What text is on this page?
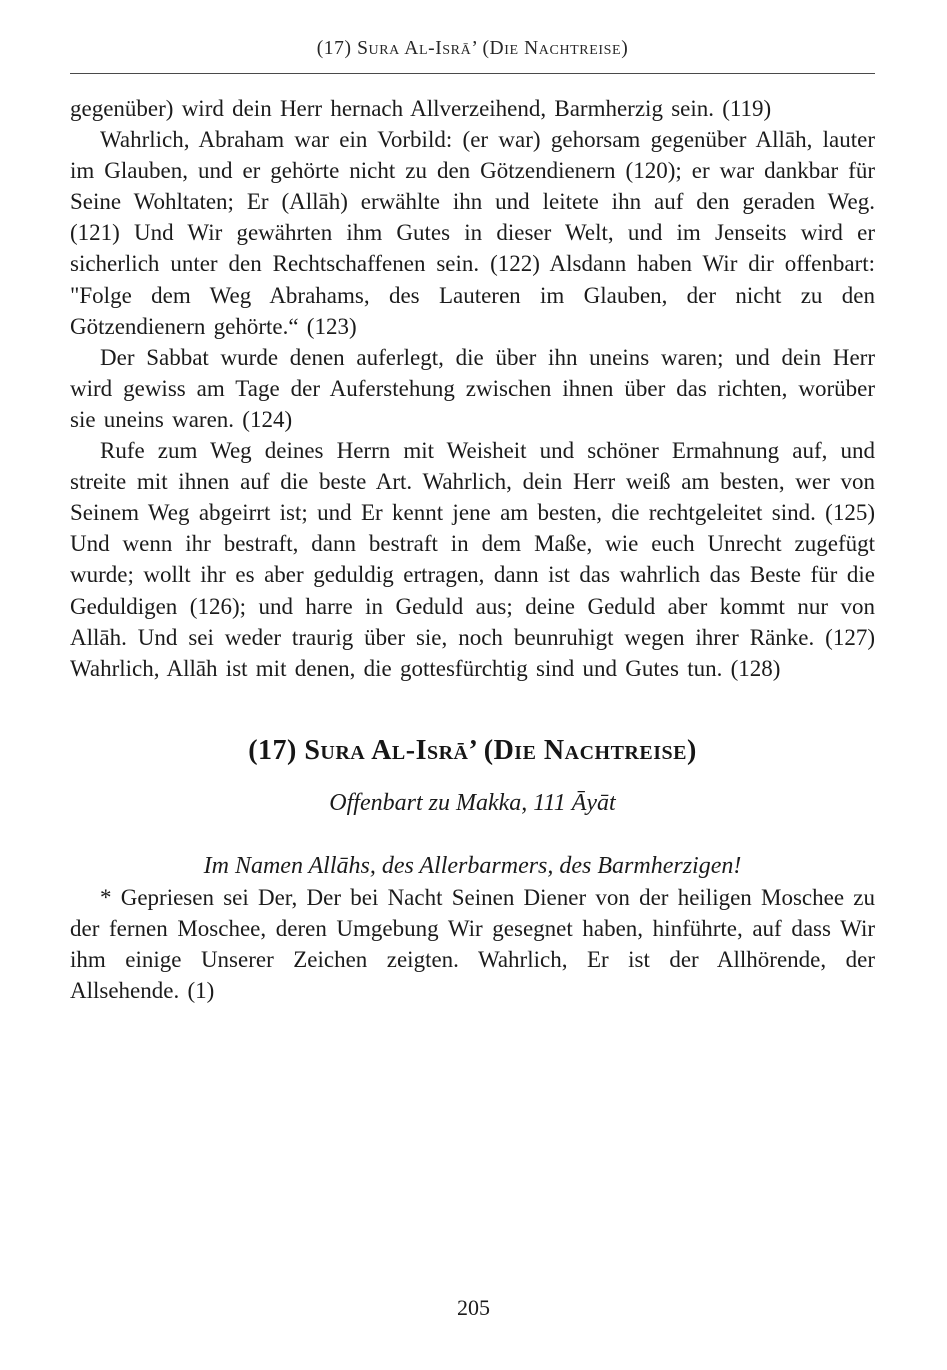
(17) Sura Al-Isrā’ (Die Nachtreise)

gegenüber) wird dein Herr hernach Allverzeihend, Barmherzig sein. (119)

Wahrlich, Abraham war ein Vorbild: (er war) gehorsam gegenüber Allāh, lauter im Glauben, und er gehörte nicht zu den Götzendienern (120); er war dankbar für Seine Wohltaten; Er (Allāh) erwählte ihn und leitete ihn auf den geraden Weg. (121) Und Wir gewährten ihm Gutes in dieser Welt, und im Jenseits wird er sicherlich unter den Rechtschaffenen sein. (122) Alsdann haben Wir dir offenbart: "Folge dem Weg Abrahams, des Lauteren im Glauben, der nicht zu den Götzendienern gehörte.“ (123)

Der Sabbat wurde denen auferlegt, die über ihn uneins waren; und dein Herr wird gewiss am Tage der Auferstehung zwischen ihnen über das richten, worüber sie uneins waren. (124)

Rufe zum Weg deines Herrn mit Weisheit und schöner Ermahnung auf, und streite mit ihnen auf die beste Art. Wahrlich, dein Herr weiß am besten, wer von Seinem Weg abgeirrt ist; und Er kennt jene am besten, die rechtgeleitet sind. (125) Und wenn ihr bestraft, dann bestraft in dem Maße, wie euch Unrecht zugefügt wurde; wollt ihr es aber geduldig ertragen, dann ist das wahrlich das Beste für die Geduldigen (126); und harre in Geduld aus; deine Geduld aber kommt nur von Allāh. Und sei weder traurig über sie, noch beunruhigt wegen ihrer Ränke. (127) Wahrlich, Allāh ist mit denen, die gottesfürchtig sind und Gutes tun. (128)

(17) Sura Al-Isrā’ (Die Nachtreise)
Offenbart zu Makka, 111 Āyāt
Im Namen Allāhs, des Allerbarmers, des Barmherzigen!

* Gepriesen sei Der, Der bei Nacht Seinen Diener von der heiligen Moschee zu der fernen Moschee, deren Umgebung Wir gesegnet haben, hinführte, auf dass Wir ihm einige Unserer Zeichen zeigten. Wahrlich, Er ist der Allhörende, der Allsehende. (1)

205
